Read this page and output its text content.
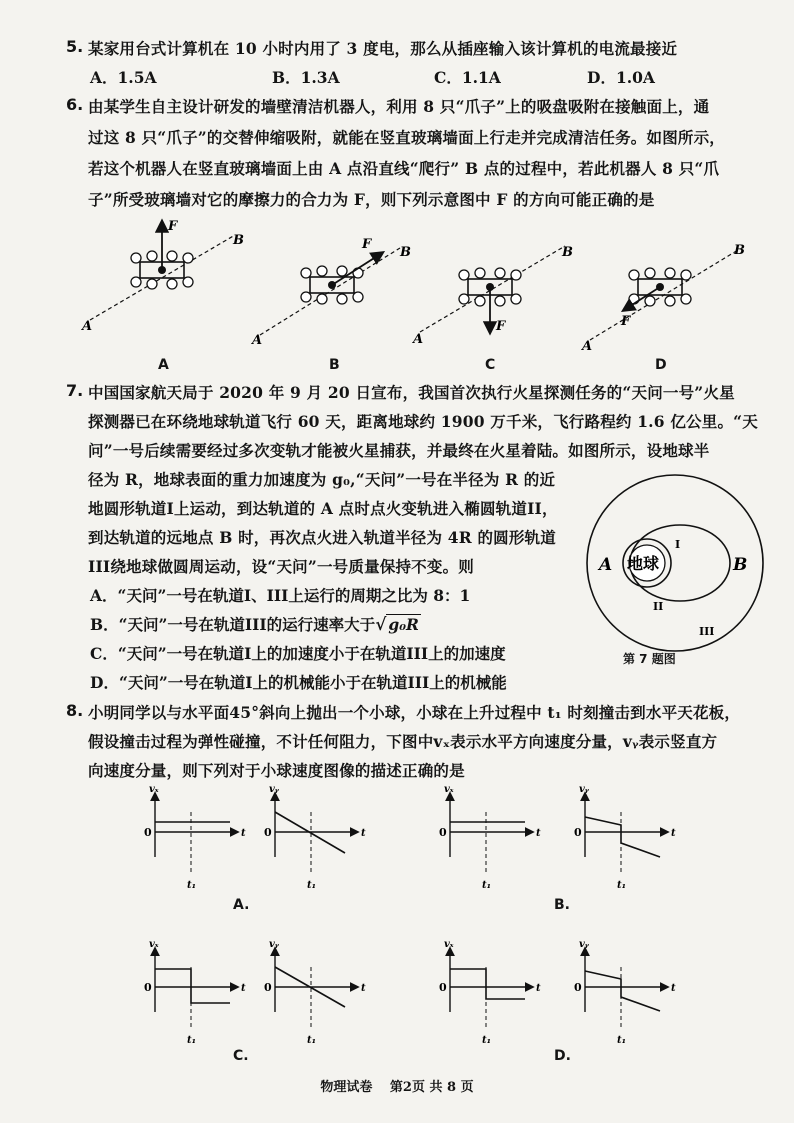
5. 某家用台式计算机在 10 小时内用了 3 度电，那么从插座输入该计算机的电流最接近
A．1.5A	B．1.3A	C．1.1A	D．1.0A
6. 由某学生自主设计研发的墙壁清洁机器人，利用 8 只“爪子”上的吸盘吸附在接触面上，通
过这 8 只“爪子”的交替伸缩吸附，就能在竖直玻璃墙面上行走并完成清洁任务。如图所示，
若这个机器人在竖直玻璃墙面上由 A 点沿直线“爬行” B 点的过程中，若此机器人 8 只“爪
子”所受玻璃墙对它的摩擦力的合力为 F，则下列示意图中 F 的方向可能正确的是
F
B
A
F
B
A
F
B
A
F
B
A
A	B	C	D
7. 中国国家航天局于 2020 年 9 月 20 日宣布，我国首次执行火星探测任务的“天问一号”火星
探测器已在环绕地球轨道飞行 60 天，距离地球约 1900 万千米，飞行路程约 1.6 亿公里。“天
问”一号后续需要经过多次变轨才能被火星捕获，并最终在火星着陆。如图所示，设地球半
径为 R，地球表面的重力加速度为 g₀,“天问”一号在半径为 R 的近
地圆形轨道I上运动，到达轨道的 A 点时点火变轨进入椭圆轨道II，
到达轨道的远地点 B 时，再次点火进入轨道半径为 4R 的圆形轨道
III绕地球做圆周运动，设“天问”一号质量保持不变。则
A．“天问”一号在轨道I、III上运行的周期之比为 8：1
B．“天问”一号在轨道III的运行速率大于√ g₀R
C．“天问”一号在轨道I上的加速度小于在轨道III上的加速度
D．“天问”一号在轨道I上的机械能小于在轨道III上的机械能
地球
A	B
I
II
III
第 7 题图
8. 小明同学以与水平面45°斜向上抛出一个小球，小球在上升过程中 t₁ 时刻撞击到水平天花板，
假设撞击过程为弹性碰撞，不计任何阻力，下图中vₓ表示水平方向速度分量，vᵧ表示竖直方
向速度分量，则下列对于小球速度图像的描述正确的是
vₓ
0	t
t₁
vᵧ
0	t
t₁
vₓ
0	t
t₁
vᵧ
0	t
t₁
vₓ
0	t
t₁
vᵧ
0	t
t₁
vₓ
0	t
t₁
vᵧ
0	t
t₁
A.	B.
C.	D.
物理试卷　 第2页 共 8 页
